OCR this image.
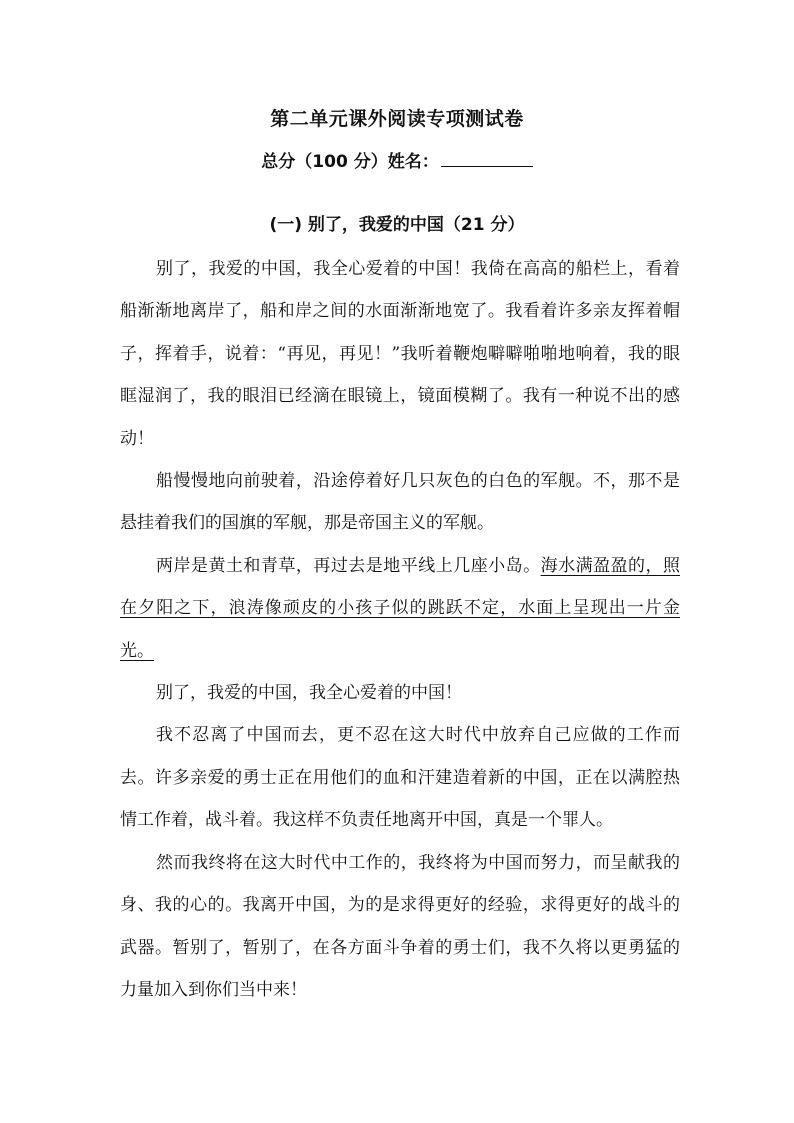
第二单元课外阅读专项测试卷
总分（100 分）姓名：
(一) 别了，我爱的中国（21 分）

别了，我爱的中国，我全心爱着的中国！我倚在高高的船栏上，看着船渐渐地离岸了，船和岸之间的水面渐渐地宽了。我看着许多亲友挥着帽子，挥着手，说着：“再见，再见！”我听着鞭炮噼噼啪啪地响着，我的眼眶湿润了，我的眼泪已经滴在眼镜上，镜面模糊了。我有一种说不出的感动！

船慢慢地向前驶着，沿途停着好几只灰色的白色的军舰。不，那不是悬挂着我们的国旗的军舰，那是帝国主义的军舰。

两岸是黄土和青草，再过去是地平线上几座小岛。海水满盈盈的，照在夕阳之下，浪涛像顽皮的小孩子似的跳跃不定，水面上呈现出一片金光。

别了，我爱的中国，我全心爱着的中国！

我不忍离了中国而去，更不忍在这大时代中放弃自己应做的工作而去。许多亲爱的勇士正在用他们的血和汗建造着新的中国，正在以满腔热情工作着，战斗着。我这样不负责任地离开中国，真是一个罪人。

然而我终将在这大时代中工作的，我终将为中国而努力，而呈献我的身、我的心的。我离开中国，为的是求得更好的经验，求得更好的战斗的武器。暂别了，暂别了，在各方面斗争着的勇士们，我不久将以更勇猛的力量加入到你们当中来！
